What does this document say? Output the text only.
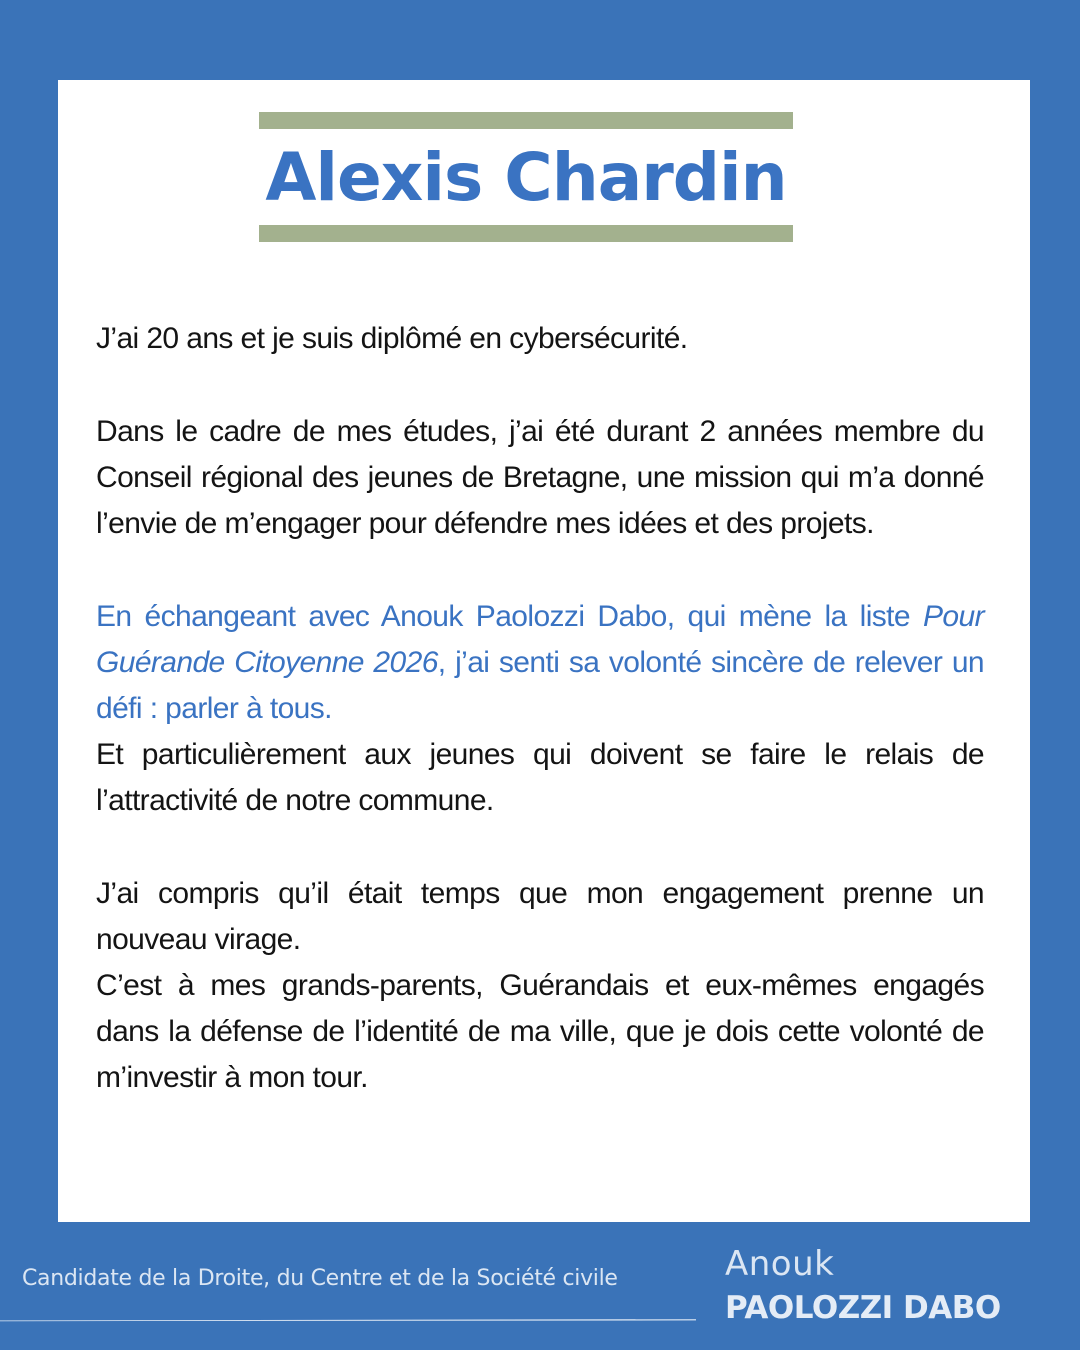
Alexis Chardin

J’ai 20 ans et je suis diplômé en cybersécurité.

Dans le cadre de mes études, j’ai été durant 2 années membre du Conseil régional des jeunes de Bretagne, une mission qui m’a donné l’envie de m’engager pour défendre mes idées et des projets.

En échangeant avec Anouk Paolozzi Dabo, qui mène la liste Pour Guérande Citoyenne 2026, j’ai senti sa volonté sincère de relever un défi : parler à tous.

Et particulièrement aux jeunes qui doivent se faire le relais de l’attractivité de notre commune.

J’ai compris qu’il était temps que mon engagement prenne un nouveau virage.

C’est à mes grands-parents, Guérandais et eux-mêmes engagés dans la défense de l’identité de ma ville, que je dois cette volonté de m’investir à mon tour.

Candidate de la Droite, du Centre et de la Société civile	Anouk
PAOLOZZI DABO
